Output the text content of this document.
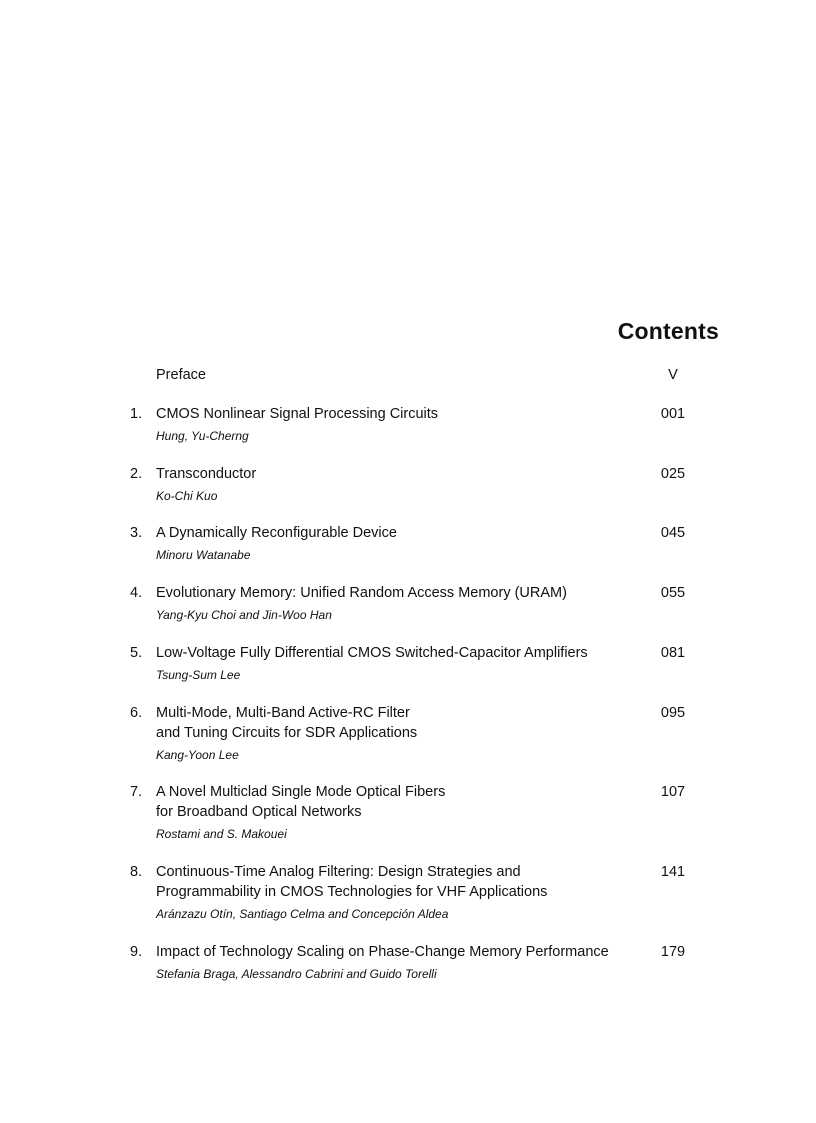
Contents
Preface	V
1. CMOS Nonlinear Signal Processing Circuits
Hung, Yu-Cherng
001
2. Transconductor
Ko-Chi Kuo
025
3. A Dynamically Reconfigurable Device
Minoru Watanabe
045
4. Evolutionary Memory: Unified Random Access Memory (URAM)
Yang-Kyu Choi and Jin-Woo Han
055
5. Low-Voltage Fully Differential CMOS Switched-Capacitor Amplifiers
Tsung-Sum Lee
081
6. Multi-Mode, Multi-Band Active-RC Filter
and Tuning Circuits for SDR Applications
Kang-Yoon Lee
095
7. A Novel Multiclad Single Mode Optical Fibers
for Broadband Optical Networks
Rostami and S. Makouei
107
8. Continuous-Time Analog Filtering: Design Strategies and
Programmability in CMOS Technologies for VHF Applications
Aránzazu Otín, Santiago Celma and Concepción Aldea
141
9. Impact of Technology Scaling on Phase-Change Memory Performance
Stefania Braga, Alessandro Cabrini and Guido Torelli
179
